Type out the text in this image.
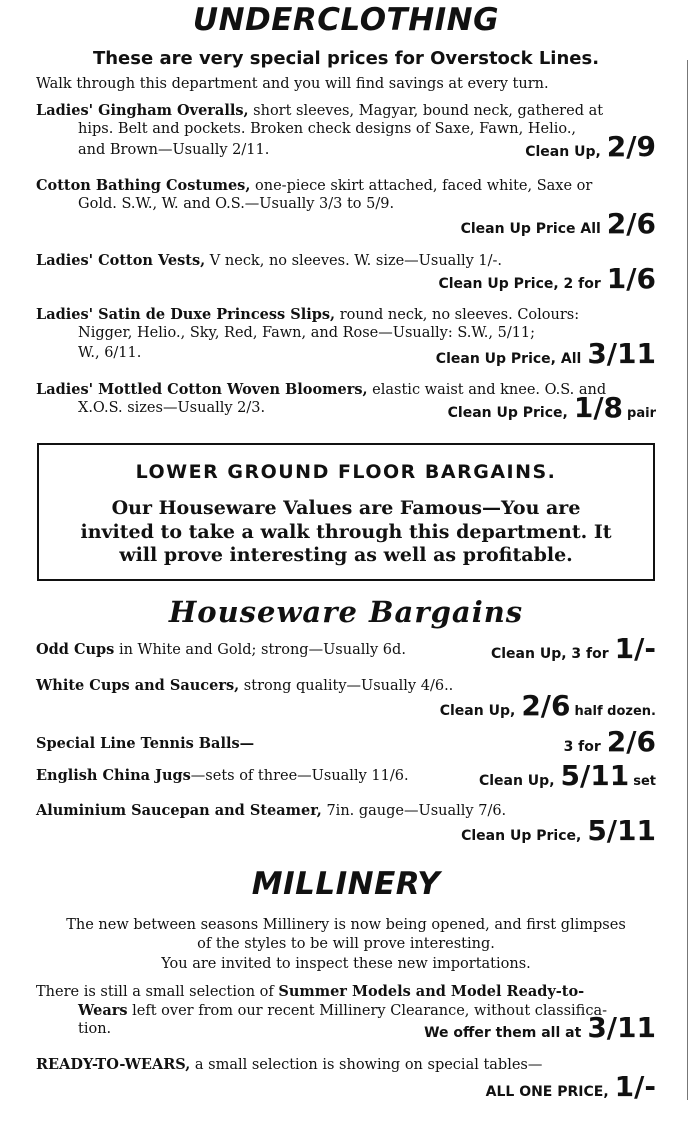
UNDERCLOTHING
These are very special prices for Overstock Lines.
Walk through this department and you will find savings at every turn.
Ladies' Gingham Overalls, short sleeves, Magyar, bound neck, gathered at
hips. Belt and pockets. Broken check designs of Saxe, Fawn, Helio.,
and Brown—Usually 2/11.	Clean Up, 2/9
Cotton Bathing Costumes, one-piece skirt attached, faced white, Saxe or
Gold. S.W., W. and O.S.—Usually 3/3 to 5/9.
Clean Up Price All 2/6
Ladies' Cotton Vests, V neck, no sleeves. W. size—Usually 1/-.
Clean Up Price, 2 for 1/6
Ladies' Satin de Duxe Princess Slips, round neck, no sleeves. Colours:
Nigger, Helio., Sky, Red, Fawn, and Rose—Usually: S.W., 5/11;
W., 6/11.	Clean Up Price, All 3/11
Ladies' Mottled Cotton Woven Bloomers, elastic waist and knee. O.S. and
X.O.S. sizes—Usually 2/3.	Clean Up Price, 1/8 pair
LOWER GROUND FLOOR BARGAINS.
Our Houseware Values are Famous—You are
invited to take a walk through this department. It
will prove interesting as well as profitable.
Houseware Bargains
Odd Cups in White and Gold; strong—Usually 6d.	Clean Up, 3 for 1/-
White Cups and Saucers, strong quality—Usually 4/6..
Clean Up, 2/6 half dozen.
Special Line Tennis Balls—	3 for 2/6
English China Jugs—sets of three—Usually 11/6.	Clean Up, 5/11 set
Aluminium Saucepan and Steamer, 7in. gauge—Usually 7/6.
Clean Up Price, 5/11
MILLINERY
The new between seasons Millinery is now being opened, and first glimpses
of the styles to be will prove interesting.
You are invited to inspect these new importations.
There is still a small selection of Summer Models and Model Ready-to-
Wears left over from our recent Millinery Clearance, without classifica-
tion.	We offer them all at 3/11
READY-TO-WEARS, a small selection is showing on special tables—
ALL ONE PRICE, 1/-
